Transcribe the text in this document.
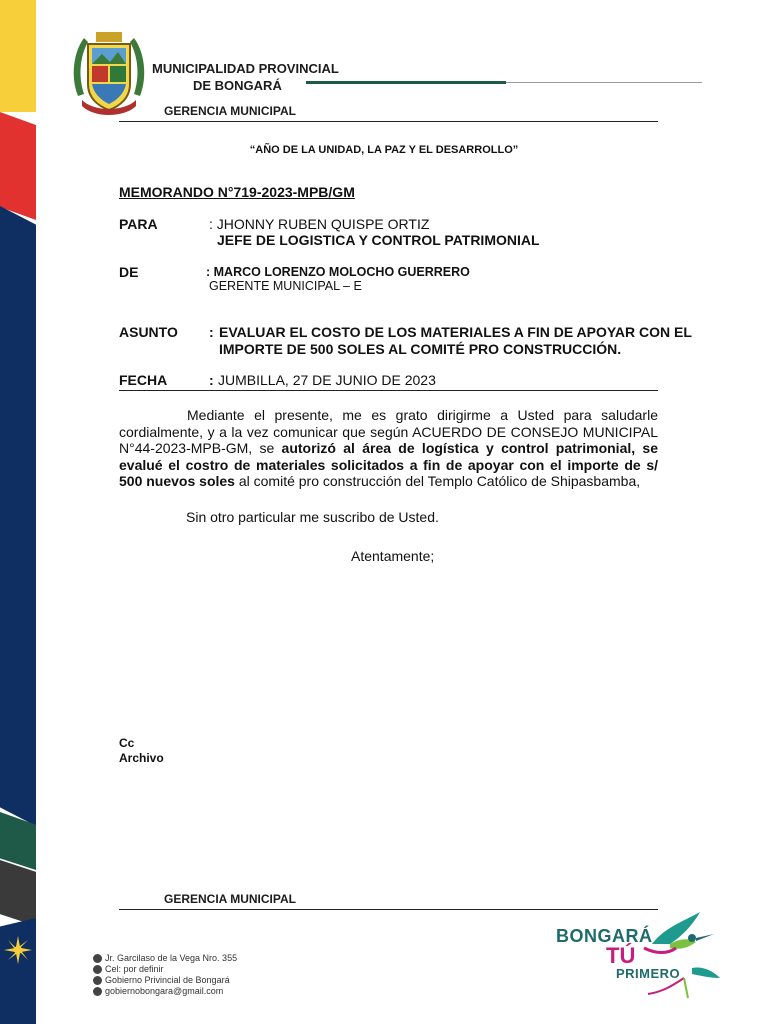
MUNICIPALIDAD PROVINCIAL
DE BONGARÁ
GERENCIA MUNICIPAL
“AÑO DE LA UNIDAD, LA PAZ Y EL DESARROLLO”
MEMORANDO N°719-2023-MPB/GM
PARA	: JHONNY RUBEN QUISPE ORTIZ
JEFE DE LOGISTICA Y CONTROL PATRIMONIAL
DE	: MARCO LORENZO MOLOCHO GUERRERO
GERENTE MUNICIPAL – E
ASUNTO : EVALUAR EL COSTO DE LOS MATERIALES A FIN DE APOYAR CON EL
IMPORTE DE 500 SOLES AL COMITÉ PRO CONSTRUCCIÓN.
FECHA	: JUMBILLA, 27 DE JUNIO DE 2023

Mediante el presente, me es grato dirigirme a Usted para saludarle cordialmente, y a la vez comunicar que según ACUERDO DE CONSEJO MUNICIPAL N°44-2023-MPB-GM, se autorizó al área de logística y control patrimonial, se evalué el costro de materiales solicitados a fin de apoyar con el importe de s/ 500 nuevos soles al comité pro construcción del Templo Católico de Shipasbamba,

Sin otro particular me suscribo de Usted.
Atentamente;
Cc
Archivo
GERENCIA MUNICIPAL
Jr. Garcilaso de la Vega Nro. 355
Cel: por definir
Gobierno Privincial de Bongará
gobiernobongara@gmail.com
BONGARÁ
TÚ
PRIMERO
